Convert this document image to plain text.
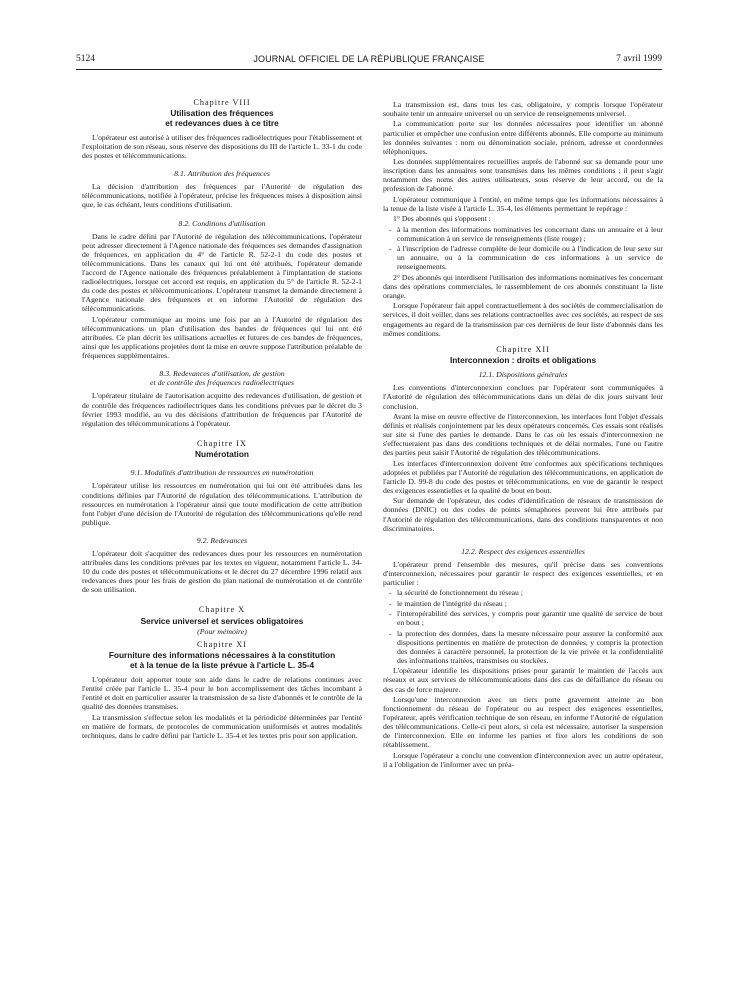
5124	JOURNAL OFFICIEL DE LA RÉPUBLIQUE FRANÇAISE	7 avril 1999
Chapitre VIII
Utilisation des fréquences
et redevances dues à ce titre

L'opérateur est autorisé à utiliser des fréquences radioélectriques pour l'établissement et l'exploitation de son réseau, sous réserve des dispositions du III de l'article L. 33-1 du code des postes et télécommunications.

8.1. Attribution des fréquences

La décision d'attribution des fréquences par l'Autorité de régulation des télécommunications, notifiée à l'opérateur, précise les fréquences mises à disposition ainsi que, le cas échéant, leurs conditions d'utilisation.

8.2. Conditions d'utilisation

Dans le cadre défini par l'Autorité de régulation des télécommunications, l'opérateur peut adresser directement à l'Agence nationale des fréquences ses demandes d'assignation de fréquences, en application du 4° de l'article R. 52-2-1 du code des postes et télécommunications. Dans les canaux qui lui ont été attribués, l'opérateur demande l'accord de l'Agence nationale des fréquences préalablement à l'implantation de stations radioélectriques, lorsque cet accord est requis, en application du 5° de l'article R. 52-2-1 du code des postes et télécommunications. L'opérateur transmet la demande directement à l'Agence nationale des fréquences et en informe l'Autorité de régulation des télécommunications.

L'opérateur communique au moins une fois par an à l'Autorité de régulation des télécommunications un plan d'utilisation des bandes de fréquences qui lui ont été attribuées. Ce plan décrit les utilisations actuelles et futures de ces bandes de fréquences, ainsi que les applications projetées dont la mise en œuvre suppose l'attribution préalable de fréquences supplémentaires.

8.3. Redevances d'utilisation, de gestion
et de contrôle des fréquences radioélectriques

L'opérateur titulaire de l'autorisation acquitte des redevances d'utilisation, de gestion et de contrôle des fréquences radioélectriques dans les conditions prévues par le décret du 3 février 1993 modifié, au vu des décisions d'attribution de fréquences par l'Autorité de régulation des télécommunications à l'opérateur.

Chapitre IX
Numérotation
9.1. Modalités d'attribution de ressources en numérotation

L'opérateur utilise les ressources en numérotation qui lui ont été attribuées dans les conditions définies par l'Autorité de régulation des télécommunications. L'attribution de ressources en numérotation à l'opérateur ainsi que toute modification de cette attribution font l'objet d'une décision de l'Autorité de régulation des télécommunications qu'elle rend publique.

9.2. Redevances

L'opérateur doit s'acquitter des redevances dues pour les ressources en numérotation attribuées dans les conditions prévues par les textes en vigueur, notamment l'article L. 34-10 du code des postes et télécommunications et le décret du 27 décembre 1996 relatif aux redevances dues pour les frais de gestion du plan national de numérotation et de contrôle de son utilisation.

Chapitre X
Service universel et services obligatoires
(Pour mémoire)
Chapitre XI
Fourniture des informations nécessaires à la constitution
et à la tenue de la liste prévue à l'article L. 35-4

L'opérateur doit apporter toute son aide dans le cadre de relations continues avec l'entité créée par l'article L. 35-4 pour le bon accomplissement des tâches incombant à l'entité et doit en particulier assurer la transmission de sa liste d'abonnés et le contrôle de la qualité des données transmises.

La transmission s'effectue selon les modalités et la périodicité déterminées par l'entité en matière de formats, de protocoles de communication uniformisés et autres modalités techniques, dans le cadre défini par l'article L. 35-4 et les textes pris pour son application.

La transmission est, dans tous les cas, obligatoire, y compris lorsque l'opérateur souhaite tenir un annuaire universel ou un service de renseignements universel.

La communication porte sur les données nécessaires pour identifier un abonné particulier et empêcher une confusion entre différents abonnés. Elle comporte au minimum les données suivantes : nom ou dénomination sociale, prénom, adresse et coordonnées téléphoniques.

Les données supplémentaires recueillies auprès de l'abonné sur sa demande pour une inscription dans les annuaires sont transmises dans les mêmes conditions ; il peut s'agir notamment des noms des autres utilisateurs, sous réserve de leur accord, ou de la profession de l'abonné.

L'opérateur communique à l'entité, en même temps que les informations nécessaires à la tenue de la liste visée à l'article L. 35-4, les éléments permettant le repérage :

1° Des abonnés qui s'opposent :

- à la mention des informations nominatives les concernant dans un annuaire et à leur communication à un service de renseignements (liste rouge) ;

- à l'inscription de l'adresse complète de leur domicile ou à l'indication de leur sexe sur un annuaire, ou à la communication de ces informations à un service de renseignements.

2° Des abonnés qui interdisent l'utilisation des informations nominatives les concernant dans des opérations commerciales, le rassemblement de ces abonnés constituant la liste orange.

Lorsque l'opérateur fait appel contractuellement à des sociétés de commercialisation de services, il doit veiller, dans ses relations contractuelles avec ces sociétés, au respect de ses engagements au regard de la transmission par ces dernières de leur liste d'abonnés dans les mêmes conditions.

Chapitre XII
Interconnexion : droits et obligations
12.1. Dispositions générales

Les conventions d'interconnexion conclues par l'opérateur sont communiquées à l'Autorité de régulation des télécommunications dans un délai de dix jours suivant leur conclusion.

Avant la mise en œuvre effective de l'interconnexion, les interfaces font l'objet d'essais définis et réalisés conjointement par les deux opérateurs concernés. Ces essais sont réalisés sur site si l'une des parties le demande. Dans le cas où les essais d'interconnexion ne s'effectueraient pas dans des conditions techniques et de délai normales, l'une ou l'autre des parties peut saisir l'Autorité de régulation des télécommunications.

Les interfaces d'interconnexion doivent être conformes aux spécifications techniques adoptées et publiées par l'Autorité de régulation des télécommunications, en application de l'article D. 99-8 du code des postes et télécommunications, en vue de garantir le respect des exigences essentielles et la qualité de bout en bout.

Sur demande de l'opérateur, des codes d'identification de réseaux de transmission de données (DNIC) ou des codes de points sémaphores peuvent lui être attribués par l'Autorité de régulation des télécommunications, dans des conditions transparentes et non discriminatoires.

12.2. Respect des exigences essentielles

L'opérateur prend l'ensemble des mesures, qu'il précise dans ses conventions d'interconnexion, nécessaires pour garantir le respect des exigences essentielles, et en particulier :

- la sécurité de fonctionnement du réseau ;

- le maintien de l'intégrité du réseau ;

- l'interopérabilité des services, y compris pour garantir une qualité de service de bout en bout ;

- la protection des données, dans la mesure nécessaire pour assurer la conformité aux dispositions pertinentes en matière de protection de données, y compris la protection des données à caractère personnel, la protection de la vie privée et la confidentialité des informations traitées, transmises ou stockées.

L'opérateur identifie les dispositions prises pour garantir le maintien de l'accès aux réseaux et aux services de télécommunications dans des cas de défaillance du réseau ou des cas de force majeure.

Lorsqu'une interconnexion avec un tiers porte gravement atteinte au bon fonctionnement du réseau de l'opérateur ou au respect des exigences essentielles, l'opérateur, après vérification technique de son réseau, en informe l'Autorité de régulation des télécommunications. Celle-ci peut alors, si cela est nécessaire, autoriser la suspension de l'interconnexion. Elle en informe les parties et fixe alors les conditions de son rétablissement.

Lorsque l'opérateur a conclu une convention d'interconnexion avec un autre opérateur, il a l'obligation de l'informer avec un préa-
